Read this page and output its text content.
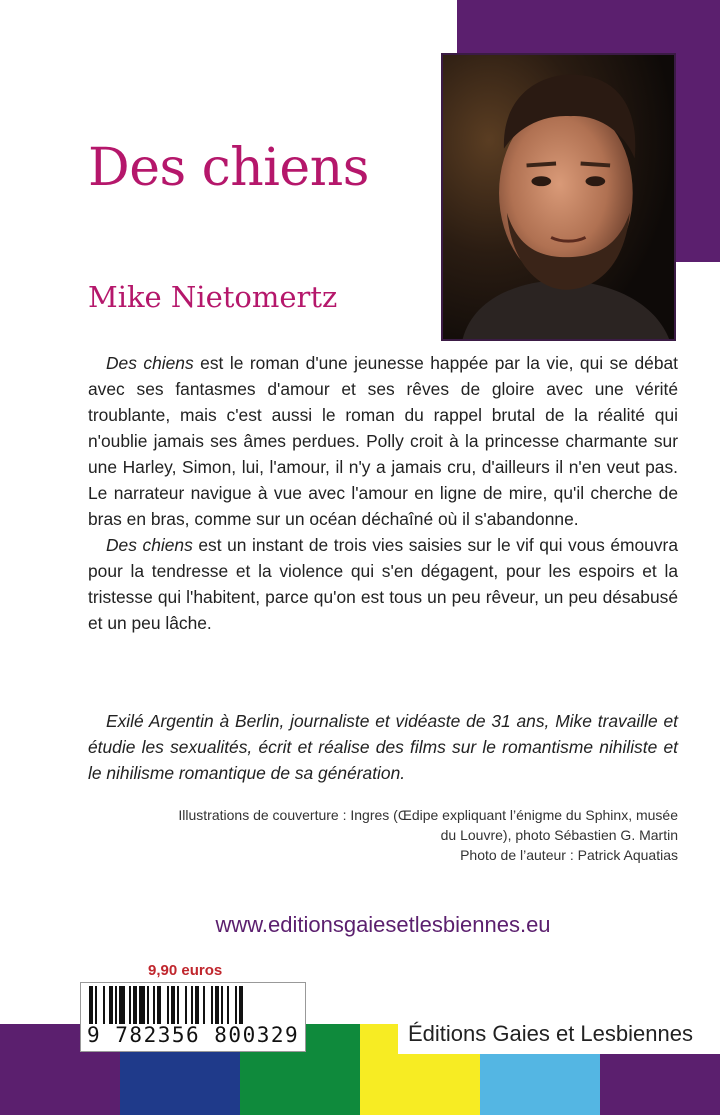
Des chiens
Mike Nietomertz

Des chiens est le roman d'une jeunesse happée par la vie, qui se débat avec ses fantasmes d'amour et ses rêves de gloire avec une vérité troublante, mais c'est aussi le roman du rappel brutal de la réalité qui n'oublie jamais ses âmes perdues. Polly croit à la princesse charmante sur une Harley, Simon, lui, l'amour, il n'y a jamais cru, d'ailleurs il n'en veut pas. Le narrateur navigue à vue avec l'amour en ligne de mire, qu'il cherche de bras en bras, comme sur un océan déchaîné où il s'abandonne.

Des chiens est un instant de trois vies saisies sur le vif qui vous émouvra pour la tendresse et la violence qui s'en dégagent, pour les espoirs et la tristesse qui l'habitent, parce qu'on est tous un peu rêveur, un peu désabusé et un peu lâche.

Exilé Argentin à Berlin, journaliste et vidéaste de 31 ans, Mike travaille et étudie les sexualités, écrit et réalise des films sur le romantisme nihiliste et le nihilisme romantique de sa génération.

Illustrations de couverture : Ingres (Œdipe expliquant l’énigme du Sphinx, musée
du Louvre), photo Sébastien G. Martin
Photo de l’auteur : Patrick Aquatias
www.editionsgaiesetlesbiennes.eu
9,90 euros
9 782356 800329	Éditions Gaies et Lesbiennes
